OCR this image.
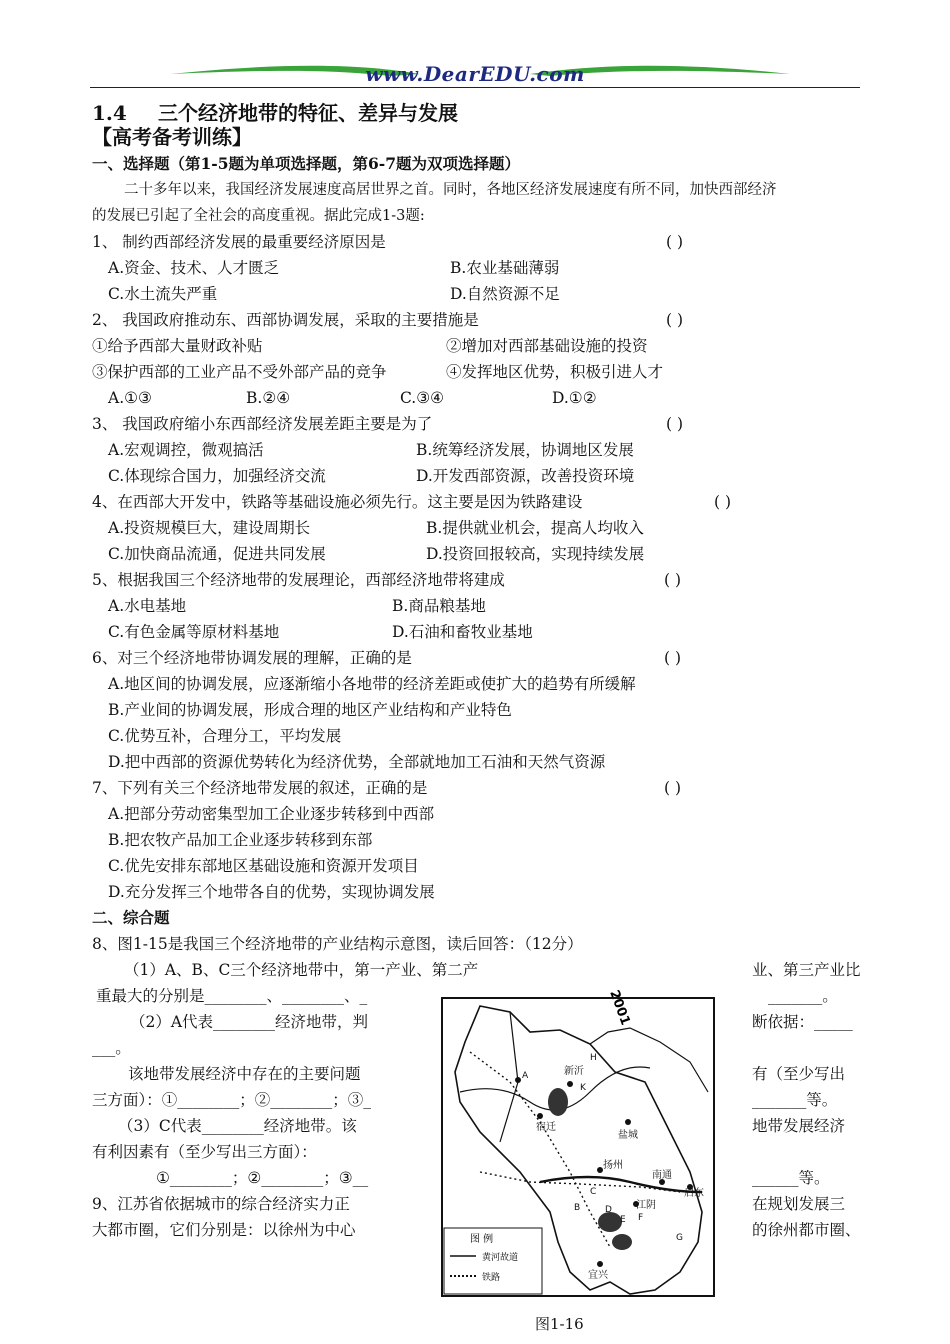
www.DearEDU.com
1.4 三个经济地带的特征、差异与发展
【高考备考训练】
一、选择题（第1-5题为单项选择题，第6-7题为双项选择题）
二十多年以来，我国经济发展速度高居世界之首。同时，各地区经济发展速度有所不同，加快西部经济
的发展已引起了全社会的高度重视。据此完成1-3题:
1、 制约西部经济发展的最重要经济原因是	( )
A.资金、技术、人才匮乏	B.农业基础薄弱
C.水土流失严重	D.自然资源不足
2、 我国政府推动东、西部协调发展，采取的主要措施是	( )
①给予西部大量财政补贴	②增加对西部基础设施的投资
③保护西部的工业产品不受外部产品的竞争	④发挥地区优势，积极引进人才
A.①③	B.②④	C.③④	D.①②
3、 我国政府缩小东西部经济发展差距主要是为了	( )
A.宏观调控，微观搞活	B.统筹经济发展，协调地区发展
C.体现综合国力，加强经济交流	D.开发西部资源，改善投资环境
4、在西部大开发中，铁路等基础设施必须先行。这主要是因为铁路建设	( )
A.投资规模巨大，建设周期长	B.提供就业机会，提高人均收入
C.加快商品流通，促进共同发展	D.投资回报较高，实现持续发展
5、根据我国三个经济地带的发展理论，西部经济地带将建成	( )
A.水电基地	B.商品粮基地
C.有色金属等原材料基地	D.石油和畜牧业基地
6、对三个经济地带协调发展的理解，正确的是	( )
A.地区间的协调发展，应逐渐缩小各地带的经济差距或使扩大的趋势有所缓解
B.产业间的协调发展，形成合理的地区产业结构和产业特色
C.优势互补，合理分工，平均发展
D.把中西部的资源优势转化为经济优势，全部就地加工石油和天然气资源
7、下列有关三个经济地带发展的叙述，正确的是	( )
A.把部分劳动密集型加工企业逐步转移到中西部
B.把农牧产品加工企业逐步转移到东部
C.优先安排东部地区基础设施和资源开发项目
D.充分发挥三个地带各自的优势，实现协调发展
二、综合题
8、图1-15是我国三个经济地带的产业结构示意图，读后回答：（12分）
（1）A、B、C三个经济地带中，第一产业、第二产	业、第三产业比
重最大的分别是________、________、_	_______。
（2）A代表________经济地带，判	断依据：_____
___。
该地带发展经济中存在的主要问题	有（至少写出
三方面）：①________；②________；③_	_______等。
（3）C代表________经济地带。该	地带发展经济
有利因素有（至少写出三方面）：
①________；②________；③__	______等。
9、江苏省依据城市的综合经济实力正	在规划发展三
大都市圈，它们分别是：以徐州为中心	的徐州都市圈、
2001
新沂
宿迁
盐城
扬州
南通
启东
江阴
宜兴
A
B
C
D
E F
G
H
K
图 例
黄河故道
铁路
图1-16
